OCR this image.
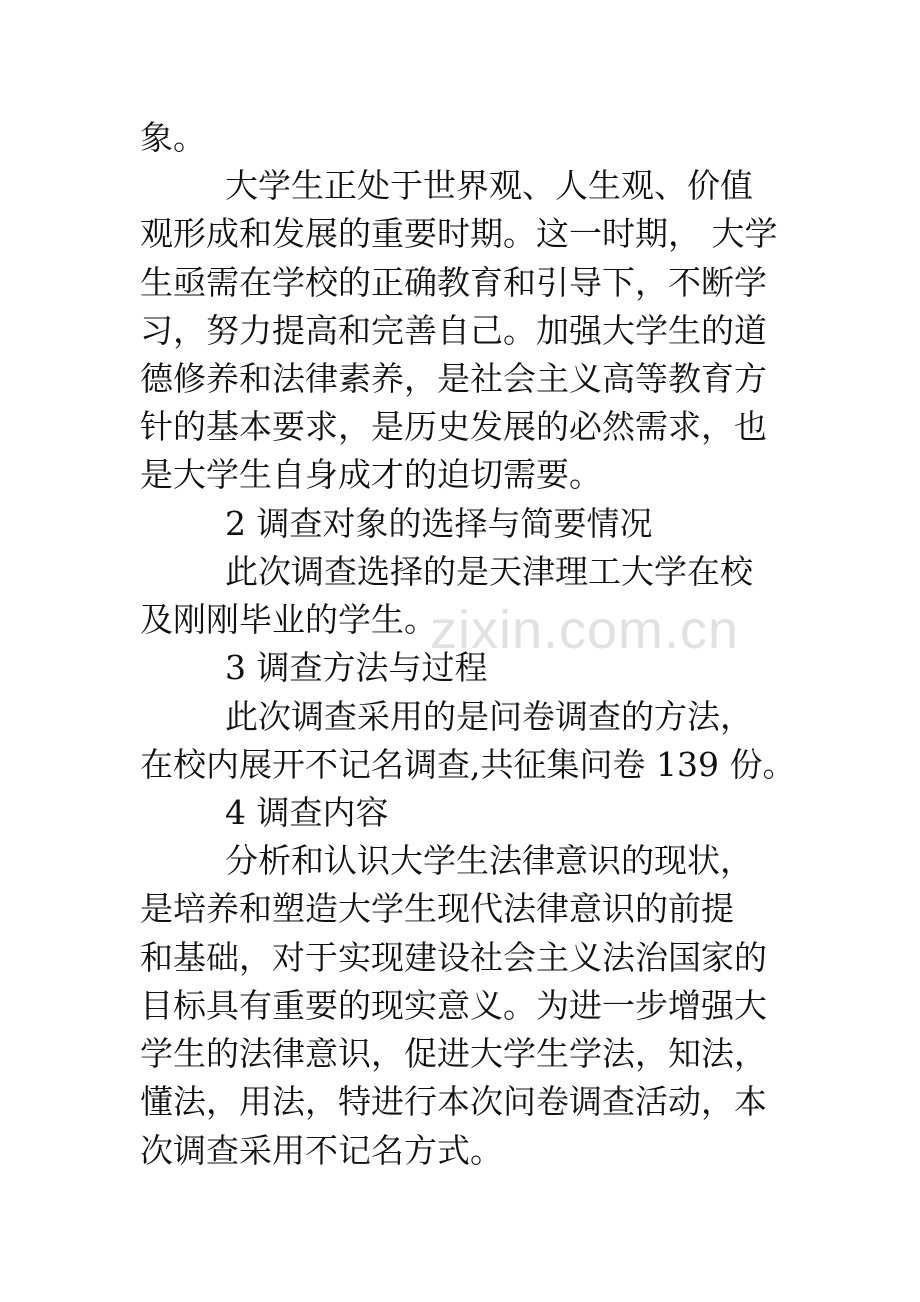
象。

大学生正处于世界观、人生观、价值

观形成和发展的重要时期。这一时期， 大学

生亟需在学校的正确教育和引导下，不断学

习，努力提高和完善自己。加强大学生的道

德修养和法律素养，是社会主义高等教育方

针的基本要求，是历史发展的必然需求，也

是大学生自身成才的迫切需要。

2 调查对象的选择与简要情况

此次调查选择的是天津理工大学在校

及刚刚毕业的学生。

3 调查方法与过程

此次调查采用的是问卷调查的方法，

在校内展开不记名调查,共征集问卷 139 份。

4 调查内容

分析和认识大学生法律意识的现状，

是培养和塑造大学生现代法律意识的前提

和基础，对于实现建设社会主义法治国家的

目标具有重要的现实意义。为进一步增强大

学生的法律意识，促进大学生学法，知法，

懂法，用法，特进行本次问卷调查活动，本

次调查采用不记名方式。

zixin.com.cn
